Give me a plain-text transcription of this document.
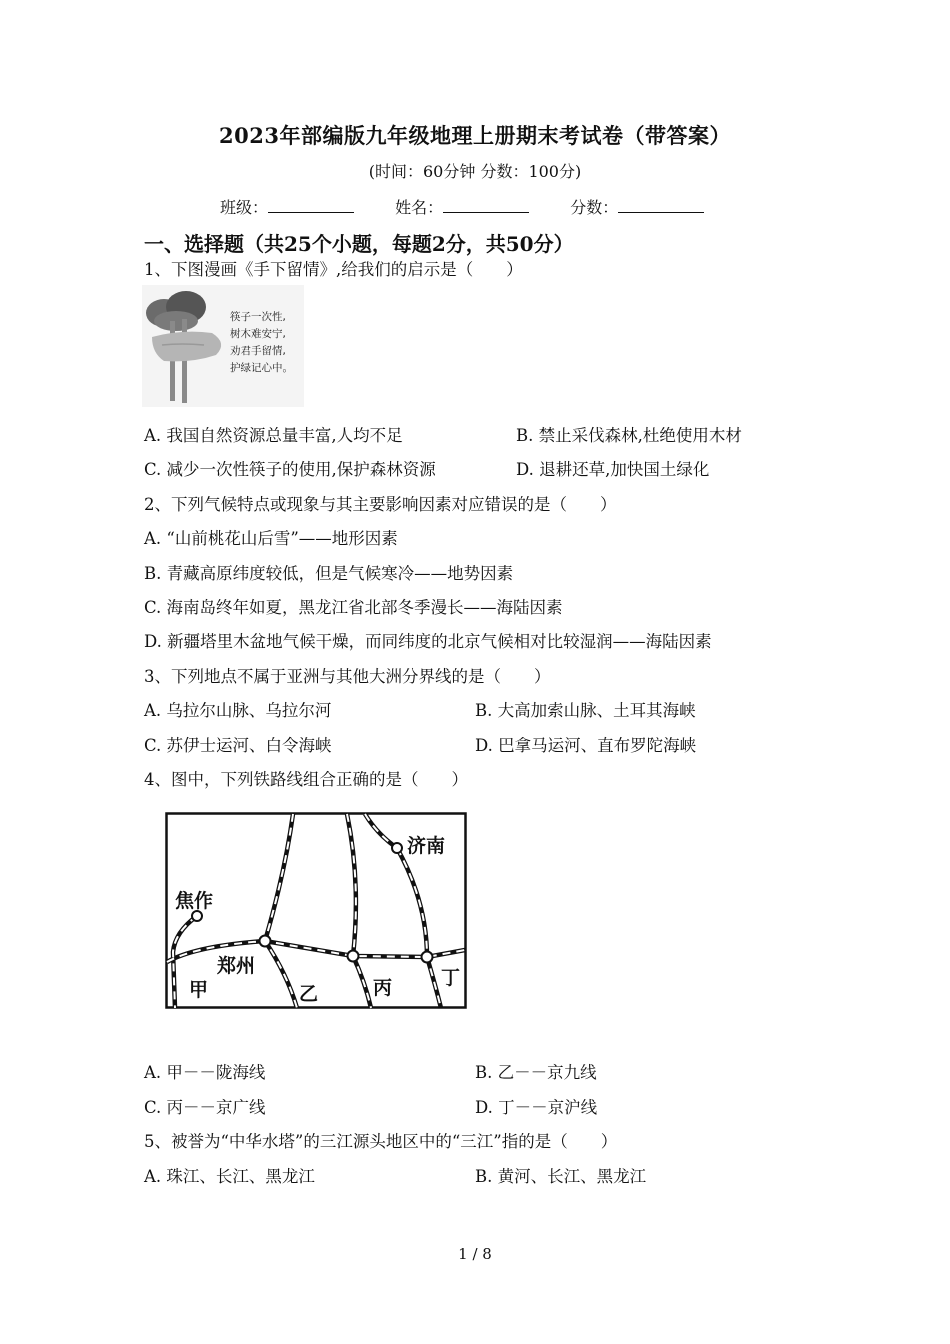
2023年部编版九年级地理上册期末考试卷（带答案）
(时间：60分钟 分数：100分)
班级：	姓名：	分数：
一、选择题（共25个小题，每题2分，共50分）
1、下图漫画《手下留情》,给我们的启示是（　　）
筷子一次性,
树木难安宁,
劝君手留情,
护绿记心中。
A. 我国自然资源总量丰富,人均不足	B. 禁止采伐森林,杜绝使用木材
C. 减少一次性筷子的使用,保护森林资源	D. 退耕还草,加快国土绿化
2、下列气候特点或现象与其主要影响因素对应错误的是（　　）
A. “山前桃花山后雪”——地形因素
B. 青藏高原纬度较低，但是气候寒冷——地势因素
C. 海南岛终年如夏，黑龙江省北部冬季漫长——海陆因素
D. 新疆塔里木盆地气候干燥，而同纬度的北京气候相对比较湿润——海陆因素
3、下列地点不属于亚洲与其他大洲分界线的是（　　）
A. 乌拉尔山脉、乌拉尔河	B. 大高加索山脉、土耳其海峡
C. 苏伊士运河、白令海峡	D. 巴拿马运河、直布罗陀海峡
4、图中，下列铁路线组合正确的是（　　）
济南
焦作
郑州
甲	乙	丙	丁
A. 甲－－陇海线	B. 乙－－京九线
C. 丙－－京广线	D. 丁－－京沪线
5、被誉为“中华水塔”的三江源头地区中的“三江”指的是（　　）
A. 珠江、长江、黑龙江	B. 黄河、长江、黑龙江
1 / 8
